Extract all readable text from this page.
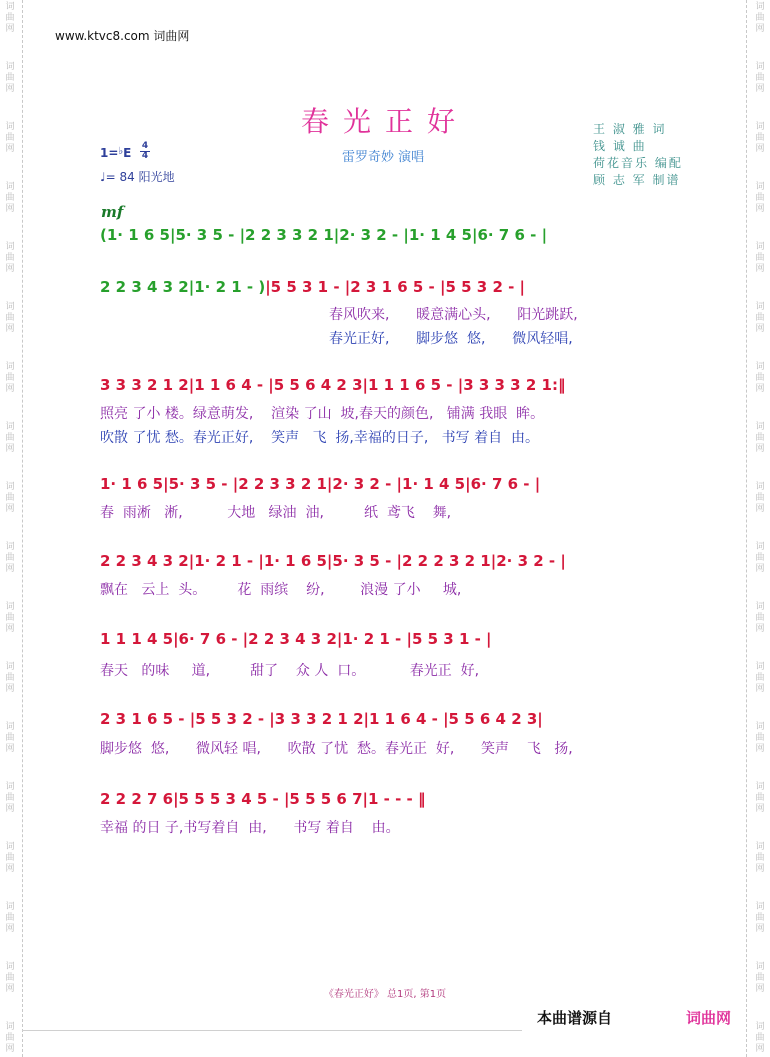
词
曲
网
词
曲
网
词
曲
网
词
曲
网
词
曲
网
词
曲
网
词
曲
网
词
曲
网
词
曲
网
词
曲
网
词
曲
网
词
曲
网
词
曲
网
词
曲
网
词
曲
网
词
曲
网
词
曲
网
词
曲
网
词
曲
网
词
曲
网
词
曲
网
词
曲
网
词
曲
网
词
曲
网
词
曲
网
词
曲
网
词
曲
网
词
曲
网
词
曲
网
词
曲
网
词
曲
网
词
曲
网
词
曲
网
词
曲
网
词
曲
网
词
曲
网
www.ktvc8.com 词曲网
春光正好
1=♭E 4
4
♩= 84 阳光地
雷罗奇妙 演唱
王 淑 雅 词
钱 诚 曲
荷花音乐 编配
顾 志 军 制谱
mf
(1· 1 6 5|5· 3 5 - |2 2 3 3 2 1|2· 3 2 - |1· 1 4 5|6· 7 6 - |
2 2 3 4 3 2|1· 2 1 - )|5 5 3 1 - |2 3 1 6 5 - |5 5 3 2 - |
春风吹来,      暖意满心头,      阳光跳跃,
春光正好,      脚步悠  悠,      微风轻唱,
3 3 3 2 1 2|1 1 6 4 - |5 5 6 4 2 3|1 1 1 6 5 - |3 3 3 3 2 1:‖
照亮 了小 楼。绿意萌发,    渲染 了山  坡,春天的颜色,   铺满 我眼  眸。
吹散 了忧 愁。春光正好,    笑声   飞  扬,幸福的日子,   书写 着自  由。
1· 1 6 5|5· 3 5 - |2 2 3 3 2 1|2· 3 2 - |1· 1 4 5|6· 7 6 - |
春  雨淅   淅,          大地   绿油  油,         纸  鸢飞    舞,
2 2 3 4 3 2|1· 2 1 - |1· 1 6 5|5· 3 5 - |2 2 2 3 2 1|2· 3 2 - |
飘在   云上  头。       花  雨缤    纷,        浪漫 了小     城,
1 1 1 4 5|6· 7 6 - |2 2 3 4 3 2|1· 2 1 - |5 5 3 1 - |
春天   的味     道,         甜了    众 人  口。          春光正  好,
2 3 1 6 5 - |5 5 3 2 - |3 3 3 2 1 2|1 1 6 4 - |5 5 6 4 2 3|
脚步悠  悠,      微风轻 唱,      吹散 了忧  愁。春光正  好,      笑声    飞   扬,
2 2 2 7 6|5 5 5 3 4 5 - |5 5 5 6 7|1 - - - ‖
幸福 的日 子,书写着自  由,      书写 着自    由。
《春光正好》 总1页, 第1页
本曲谱源自	词曲网
